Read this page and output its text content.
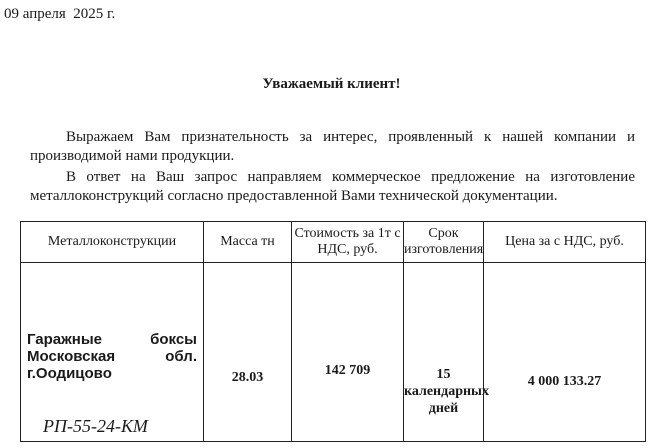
09 апреля  2025 г.
Уважаемый клиент!
Выражаем Вам признательность за интерес, проявленный к нашей компании и производимой нами продукции.
В ответ на Ваш запрос направляем коммерческое предложение на изготовление металлоконструкций согласно предоставленной Вами технической документации.
Металлоконструкции	Масса тн	Стоимость за 1т с НДС, руб.	Срок изготовления	Цена за с НДС, руб.

Гаражные боксы
Московская обл.
г.Оодицово
РП-55-24-КМ	28.03	142 709	15 календарных дней	4 000 133.27
